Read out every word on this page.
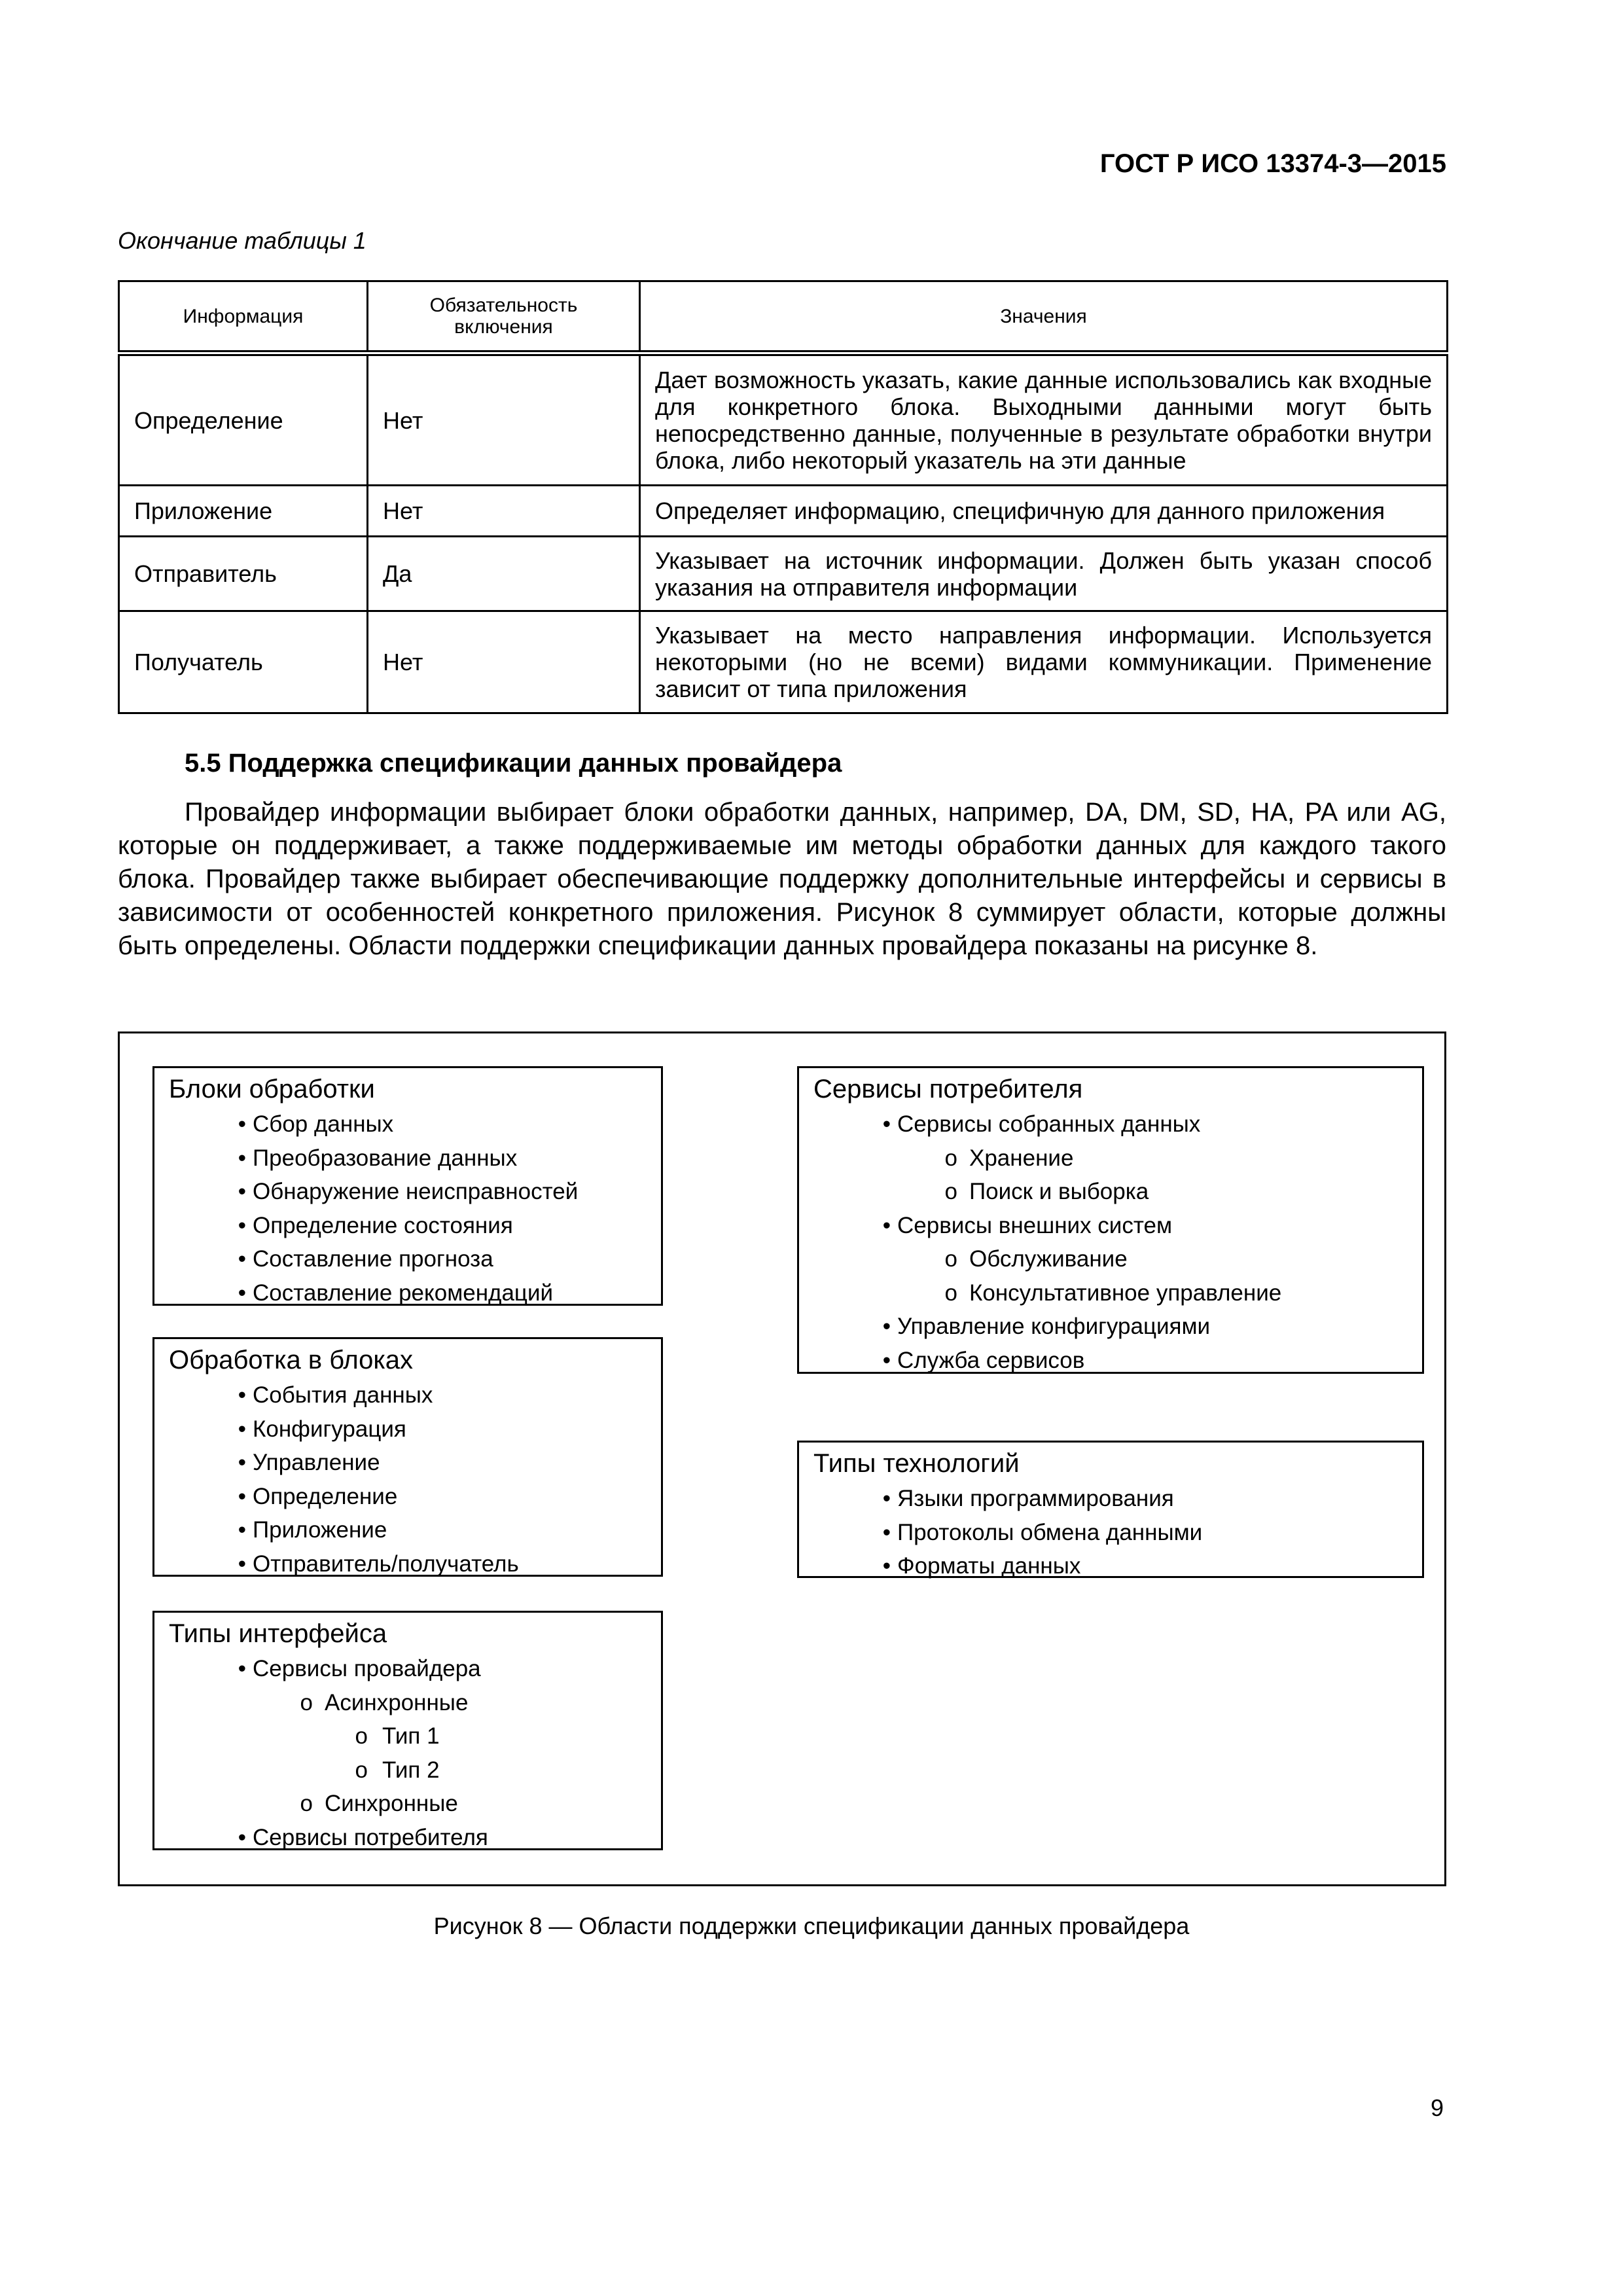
ГОСТ Р ИСО 13374-3—2015
Окончание таблицы 1
Информация	Обязательность включения	Значения
Определение	Нет	Дает возможность указать, какие данные использовались как входные для конкретного блока. Выходными данными могут быть непосредственно данные, полученные в результате обработки внутри блока, либо некоторый указатель на эти данные
Приложение	Нет	Определяет информацию, специфичную для данного приложения
Отправитель	Да	Указывает на источник информации. Должен быть указан способ указания на отправителя информации
Получатель	Нет	Указывает на место направления информации. Используется некоторыми (но не всеми) видами коммуникации. Применение зависит от типа приложения
5.5 Поддержка спецификации данных провайдера
Провайдер информации выбирает блоки обработки данных, например, DA, DM, SD, HA, PA или AG, которые он поддерживает, а также поддерживаемые им методы обработки данных для каждого такого блока. Провайдер также выбирает обеспечивающие поддержку дополнительные интерфейсы и сервисы в зависимости от особенностей конкретного приложения. Рисунок 8 суммирует области, которые должны быть определены. Области поддержки спецификации данных провайдера показаны на рисунке 8.
Блоки обработки
• Сбор данных
• Преобразование данных
• Обнаружение неисправностей
• Определение состояния
• Составление прогноза
• Составление рекомендаций
Обработка в блоках
• События данных
• Конфигурация
• Управление
• Определение
• Приложение
• Отправитель/получатель
Типы интерфейса
• Сервисы провайдера
o Асинхронные
o Тип 1
o Тип 2
o Синхронные
• Сервисы потребителя
Сервисы потребителя
• Сервисы собранных данных
o Хранение
o Поиск и выборка
• Сервисы внешних систем
o Обслуживание
o Консультативное управление
• Управление конфигурациями
• Служба сервисов
Типы технологий
• Языки программирования
• Протоколы обмена данными
• Форматы данных
Рисунок 8 — Области поддержки спецификации данных провайдера
9
